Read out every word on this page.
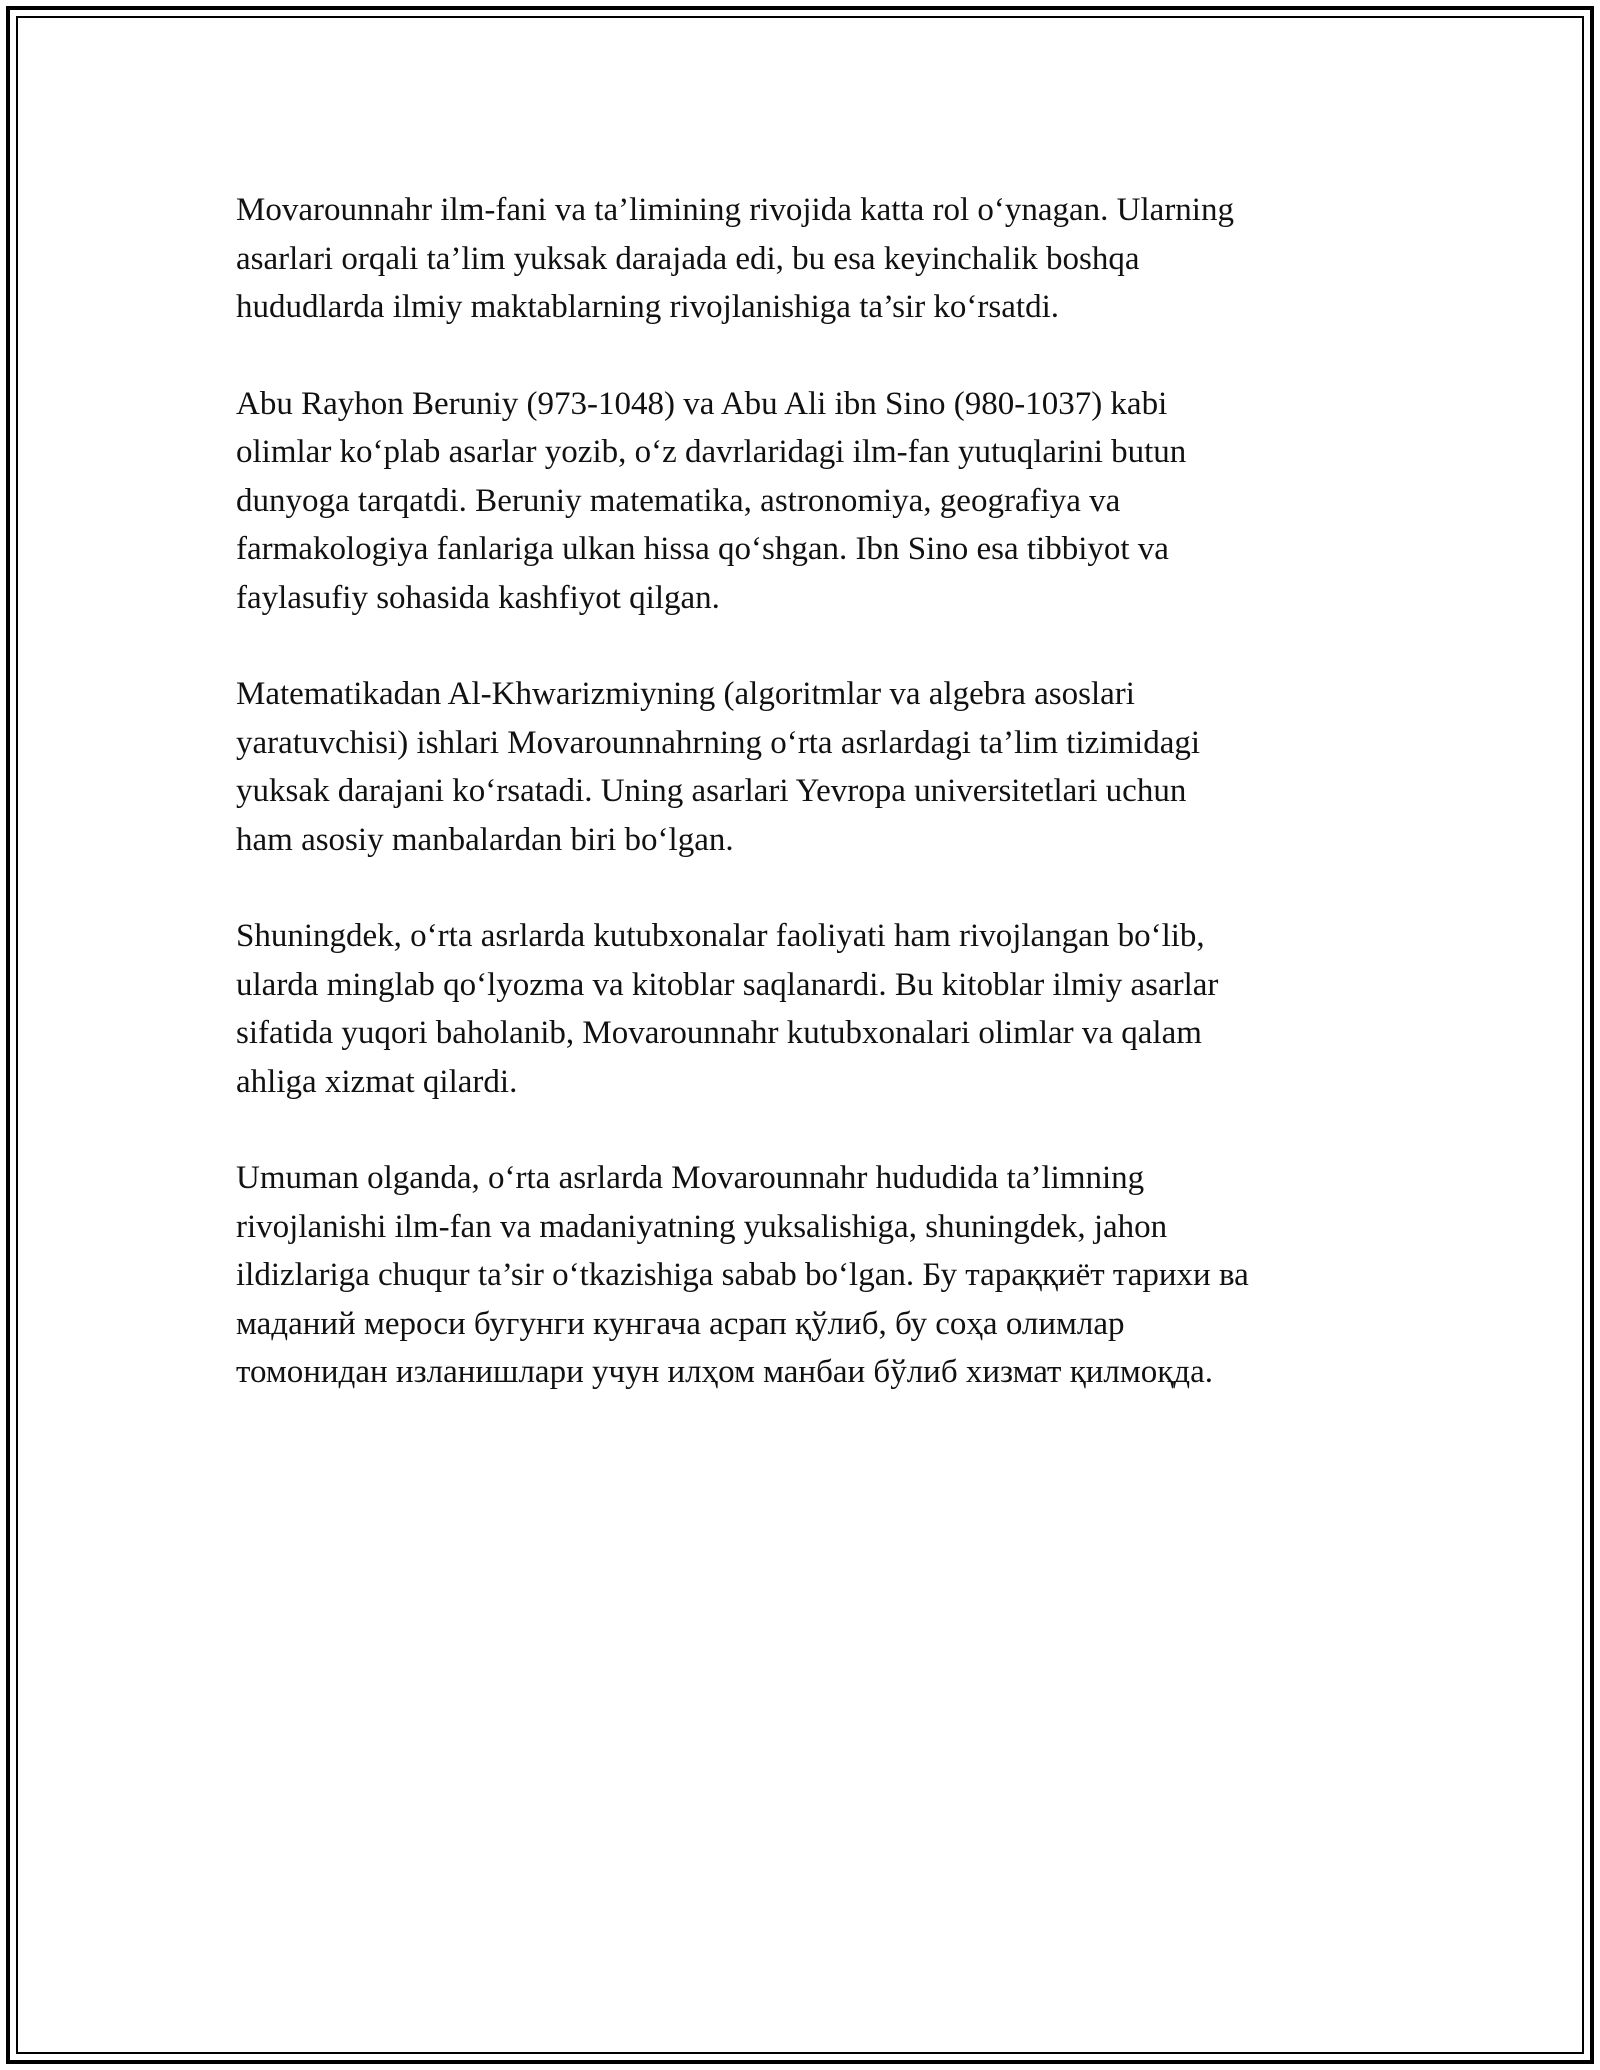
Movarounnahr ilm-fani va ta’limining rivojida katta rol o‘ynagan. Ularning
asarlari orqali ta’lim yuksak darajada edi, bu esa keyinchalik boshqa
hududlarda ilmiy maktablarning rivojlanishiga ta’sir ko‘rsatdi.

Abu Rayhon Beruniy (973-1048) va Abu Ali ibn Sino (980-1037) kabi
olimlar ko‘plab asarlar yozib, o‘z davrlaridagi ilm-fan yutuqlarini butun
dunyoga tarqatdi. Beruniy matematika, astronomiya, geografiya va
farmakologiya fanlariga ulkan hissa qo‘shgan. Ibn Sino esa tibbiyot va
faylasufiy sohasida kashfiyot qilgan.

Matematikadan Al-Khwarizmiyning (algoritmlar va algebra asoslari
yaratuvchisi) ishlari Movarounnahrning o‘rta asrlardagi ta’lim tizimidagi
yuksak darajani ko‘rsatadi. Uning asarlari Yevropa universitetlari uchun
ham asosiy manbalardan biri bo‘lgan.

Shuningdek, o‘rta asrlarda kutubxonalar faoliyati ham rivojlangan bo‘lib,
ularda minglab qo‘lyozma va kitoblar saqlanardi. Bu kitoblar ilmiy asarlar
sifatida yuqori baholanib, Movarounnahr kutubxonalari olimlar va qalam
ahliga xizmat qilardi.

Umuman olganda, o‘rta asrlarda Movarounnahr hududida ta’limning
rivojlanishi ilm-fan va madaniyatning yuksalishiga, shuningdek, jahon
ildizlariga chuqur ta’sir o‘tkazishiga sabab bo‘lgan. Бу тараққиёт тарихи ва
маданий мероси бугунги кунгача асрап қўлиб, бу соҳа олимлар
томонидан изланишлари учун илҳом манбаи бўлиб хизмат қилмоқда.
